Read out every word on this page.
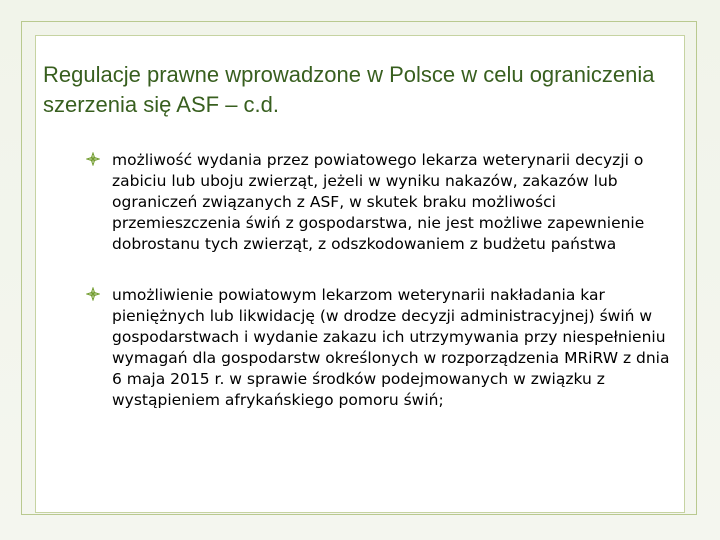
Regulacje prawne wprowadzone w Polsce w celu ograniczenia szerzenia się ASF – c.d.
możliwość wydania przez powiatowego lekarza weterynarii decyzji o zabiciu lub uboju zwierząt, jeżeli w wyniku nakazów, zakazów lub ograniczeń związanych z ASF, w skutek braku możliwości przemieszczenia świń z gospodarstwa, nie jest możliwe zapewnienie dobrostanu tych zwierząt, z odszkodowaniem z budżetu państwa
umożliwienie powiatowym lekarzom weterynarii nakładania kar pieniężnych lub likwidację (w drodze decyzji administracyjnej) świń w gospodarstwach i wydanie zakazu ich utrzymywania przy niespełnieniu wymagań dla gospodarstw określonych w rozporządzenia MRiRW z dnia 6 maja 2015 r. w sprawie środków podejmowanych w związku z wystąpieniem afrykańskiego pomoru świń;
